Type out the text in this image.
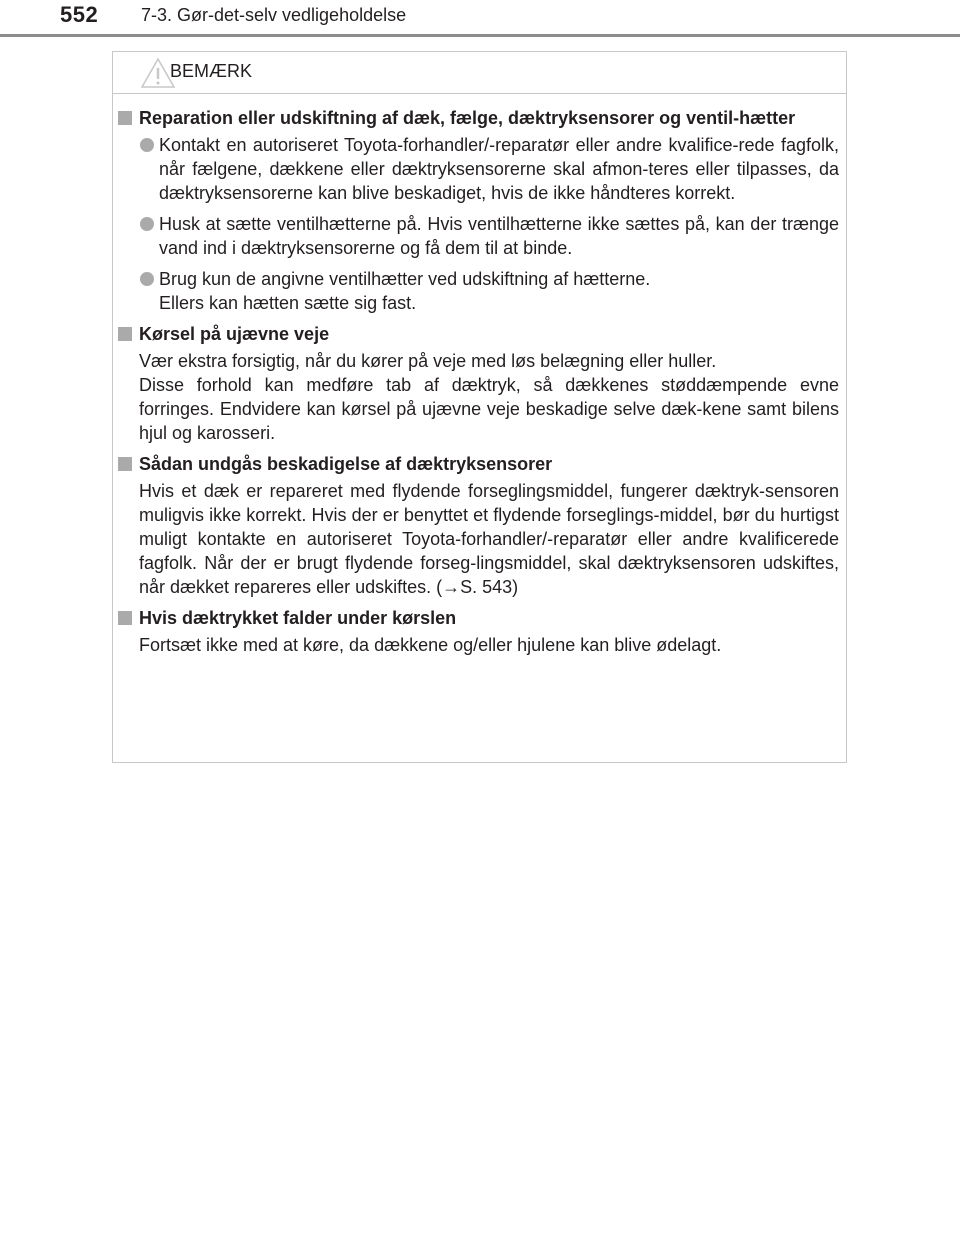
552 7-3. Gør-det-selv vedligeholdelse
BEMÆRK
Reparation eller udskiftning af dæk, fælge, dæktryksensorer og ventil-hætter
Kontakt en autoriseret Toyota-forhandler/-reparatør eller andre kvalifice-rede fagfolk, når fælgene, dækkene eller dæktryksensorerne skal afmon-teres eller tilpasses, da dæktryksensorerne kan blive beskadiget, hvis de ikke håndteres korrekt.
Husk at sætte ventilhætterne på. Hvis ventilhætterne ikke sættes på, kan der trænge vand ind i dæktryksensorerne og få dem til at binde.
Brug kun de angivne ventilhætter ved udskiftning af hætterne.
Ellers kan hætten sætte sig fast.
Kørsel på ujævne veje
Vær ekstra forsigtig, når du kører på veje med løs belægning eller huller.
Disse forhold kan medføre tab af dæktryk, så dækkenes støddæmpende evne forringes. Endvidere kan kørsel på ujævne veje beskadige selve dæk-kene samt bilens hjul og karosseri.
Sådan undgås beskadigelse af dæktryksensorer
Hvis et dæk er repareret med flydende forseglingsmiddel, fungerer dæktryk-sensoren muligvis ikke korrekt. Hvis der er benyttet et flydende forseglings-middel, bør du hurtigst muligt kontakte en autoriseret Toyota-forhandler/-reparatør eller andre kvalificerede fagfolk. Når der er brugt flydende forseg-lingsmiddel, skal dæktryksensoren udskiftes, når dækket repareres eller udskiftes. (→S. 543)
Hvis dæktrykket falder under kørslen
Fortsæt ikke med at køre, da dækkene og/eller hjulene kan blive ødelagt.
